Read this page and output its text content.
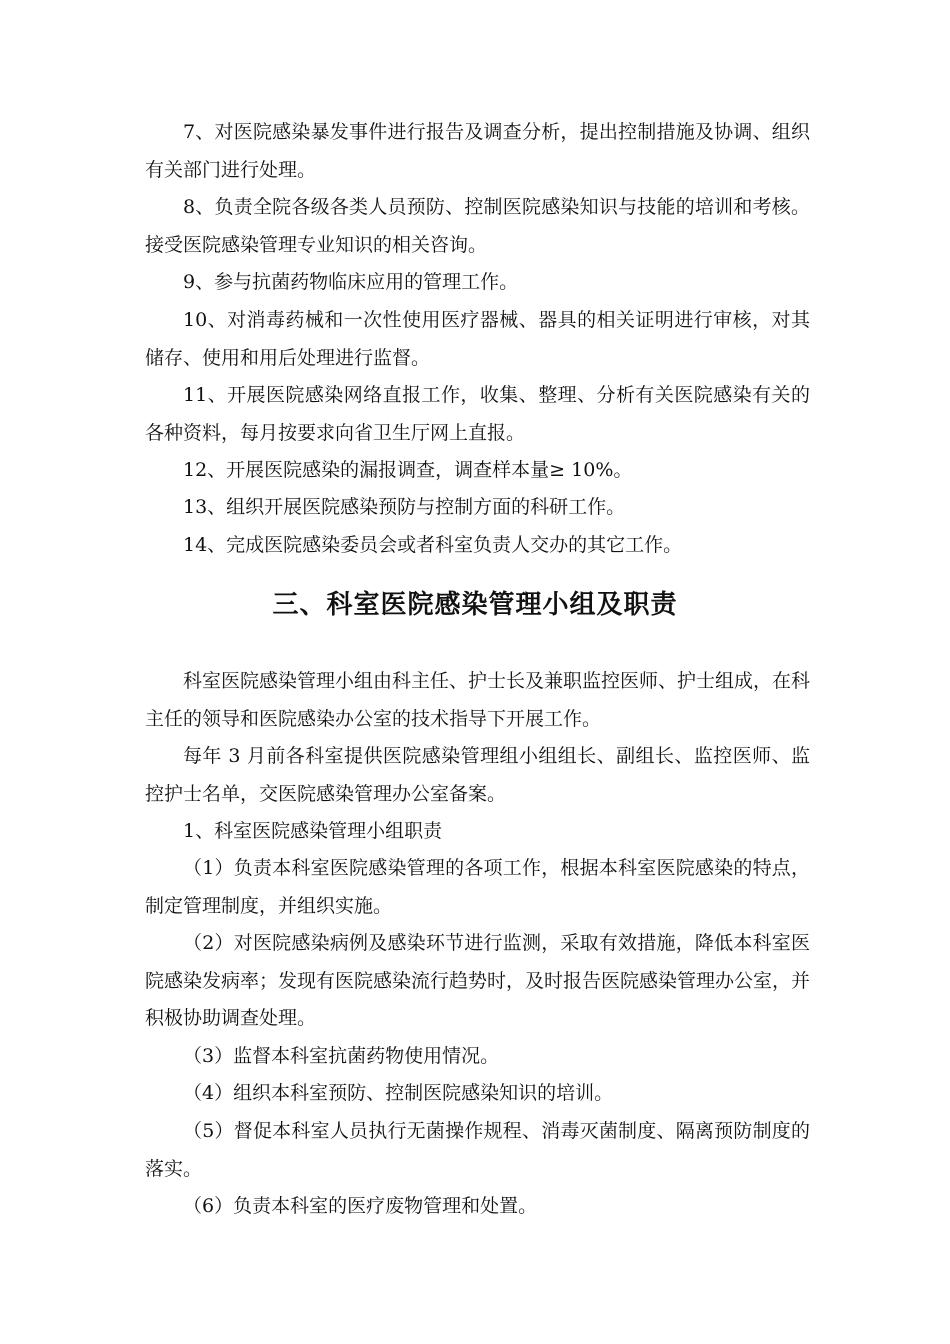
7、对医院感染暴发事件进行报告及调查分析，提出控制措施及协调、组织有关部门进行处理。

8、负责全院各级各类人员预防、控制医院感染知识与技能的培训和考核。接受医院感染管理专业知识的相关咨询。

9、参与抗菌药物临床应用的管理工作。

10、对消毒药械和一次性使用医疗器械、器具的相关证明进行审核，对其储存、使用和用后处理进行监督。

11、开展医院感染网络直报工作，收集、整理、分析有关医院感染有关的各种资料，每月按要求向省卫生厅网上直报。

12、开展医院感染的漏报调查，调查样本量≥ 10%。

13、组织开展医院感染预防与控制方面的科研工作。

14、完成医院感染委员会或者科室负责人交办的其它工作。

三、科室医院感染管理小组及职责

科室医院感染管理小组由科主任、护士长及兼职监控医师、护士组成，在科主任的领导和医院感染办公室的技术指导下开展工作。

每年 3 月前各科室提供医院感染管理组小组组长、副组长、监控医师、监控护士名单，交医院感染管理办公室备案。

1、科室医院感染管理小组职责

（1）负责本科室医院感染管理的各项工作，根据本科室医院感染的特点，制定管理制度，并组织实施。

（2）对医院感染病例及感染环节进行监测，采取有效措施，降低本科室医院感染发病率；发现有医院感染流行趋势时，及时报告医院感染管理办公室，并积极协助调查处理。

（3）监督本科室抗菌药物使用情况。

（4）组织本科室预防、控制医院感染知识的培训。

（5）督促本科室人员执行无菌操作规程、消毒灭菌制度、隔离预防制度的落实。

（6）负责本科室的医疗废物管理和处置。
